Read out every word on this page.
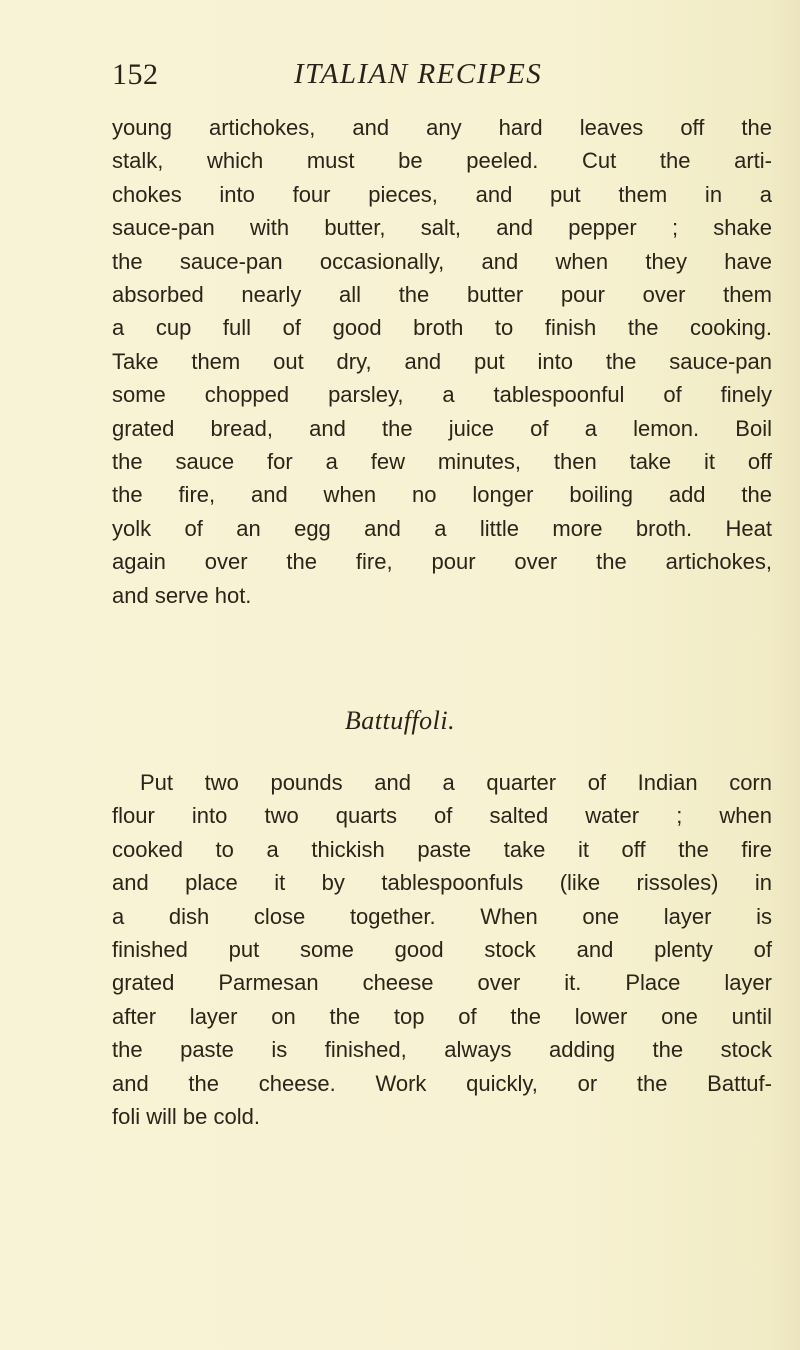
152	ITALIAN RECIPES
young artichokes, and any hard leaves off the
stalk, which must be peeled. Cut the arti-
chokes into four pieces, and put them in a
sauce-pan with butter, salt, and pepper ; shake
the sauce-pan occasionally, and when they have
absorbed nearly all the butter pour over them
a cup full of good broth to finish the cooking.
Take them out dry, and put into the sauce-pan
some chopped parsley, a tablespoonful of finely
grated bread, and the juice of a lemon. Boil
the sauce for a few minutes, then take it off
the fire, and when no longer boiling add the
yolk of an egg and a little more broth. Heat
again over the fire, pour over the artichokes,
and serve hot.
Battuffoli.
Put two pounds and a quarter of Indian corn
flour into two quarts of salted water ; when
cooked to a thickish paste take it off the fire
and place it by tablespoonfuls (like rissoles) in
a dish close together. When one layer is
finished put some good stock and plenty of
grated Parmesan cheese over it. Place layer
after layer on the top of the lower one until
the paste is finished, always adding the stock
and the cheese. Work quickly, or the Battuf-
foli will be cold.
